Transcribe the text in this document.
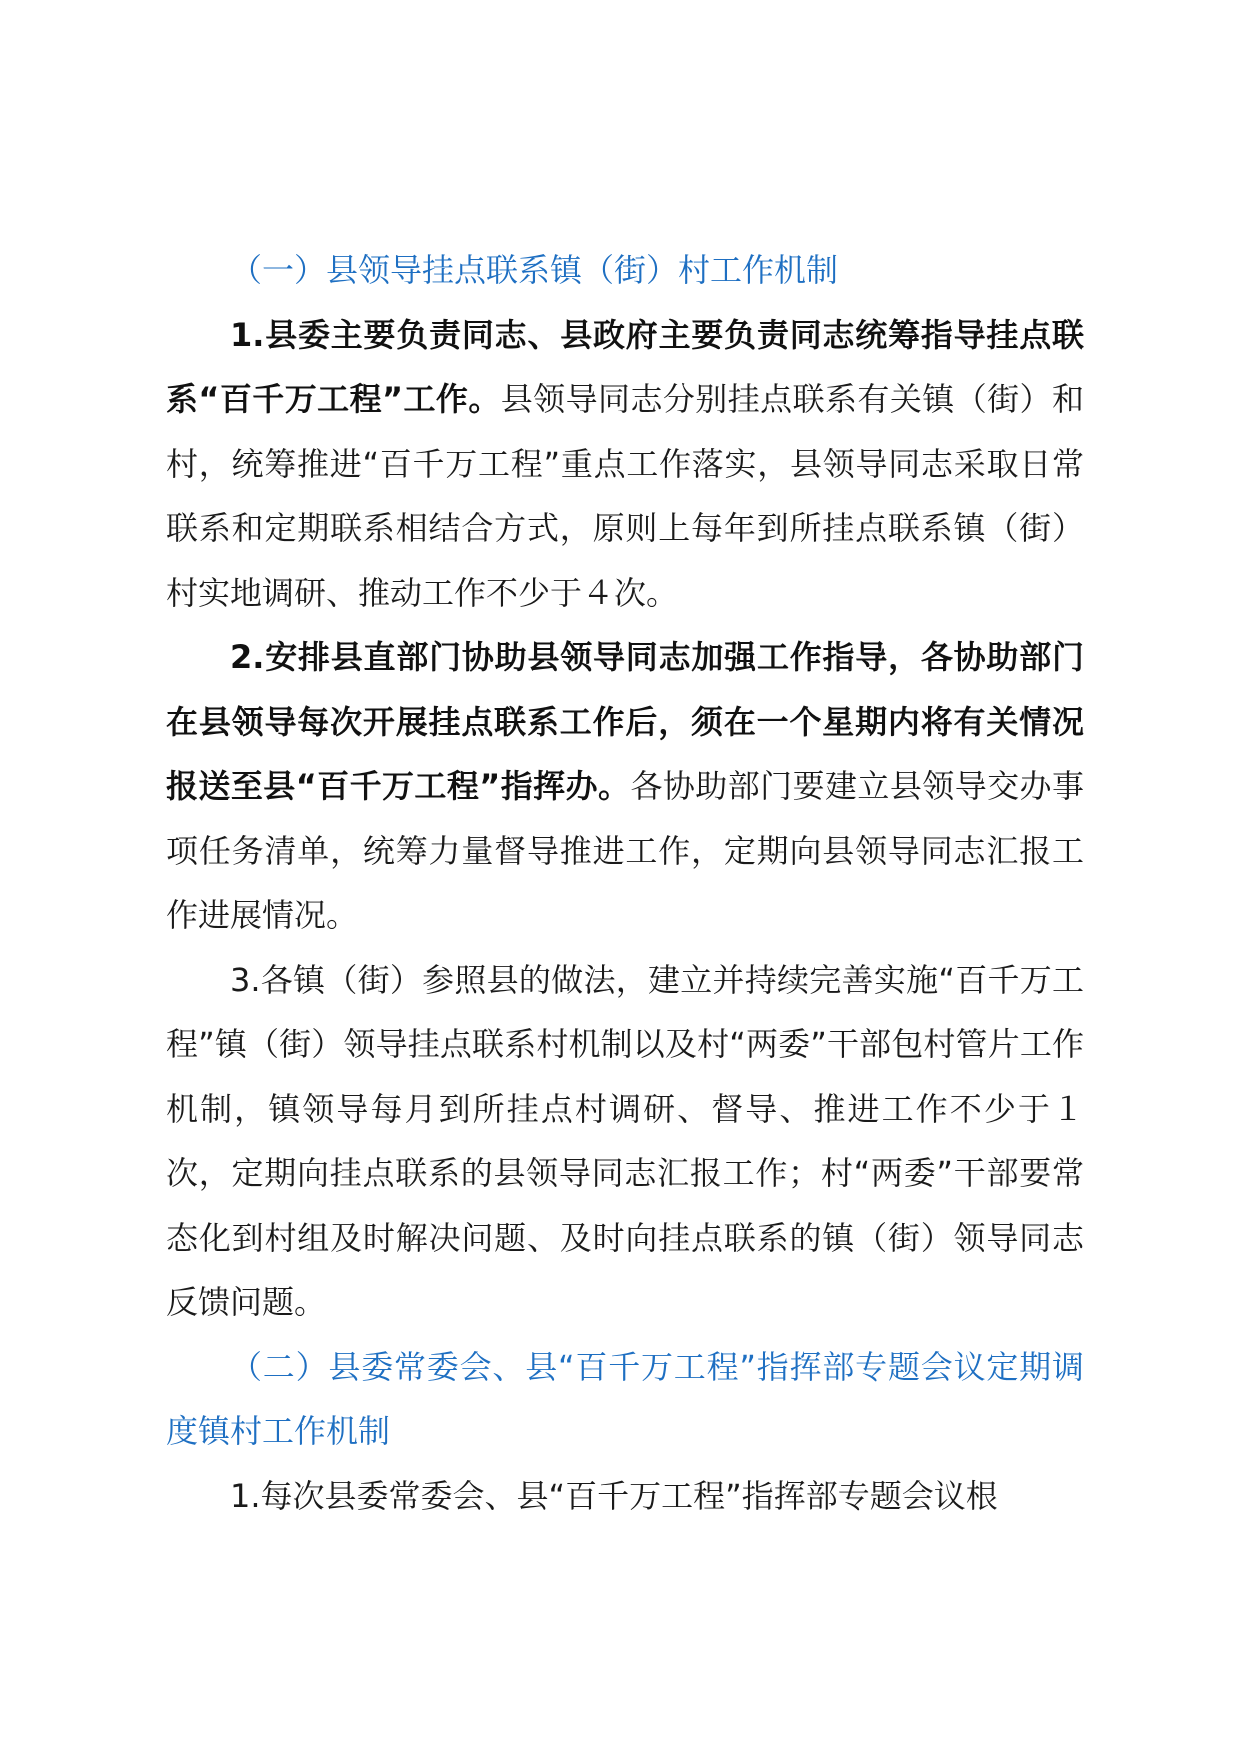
（一）县领导挂点联系镇（街）村工作机制

1.县委主要负责同志、县政府主要负责同志统筹指导挂点联系“百千万工程”工作。县领导同志分别挂点联系有关镇（街）和村，统筹推进“百千万工程”重点工作落实，县领导同志采取日常联系和定期联系相结合方式，原则上每年到所挂点联系镇（街）村实地调研、推动工作不少于４次。

2.安排县直部门协助县领导同志加强工作指导，各协助部门在县领导每次开展挂点联系工作后，须在一个星期内将有关情况报送至县“百千万工程”指挥办。各协助部门要建立县领导交办事项任务清单，统筹力量督导推进工作，定期向县领导同志汇报工作进展情况。

3.各镇（街）参照县的做法，建立并持续完善实施“百千万工程”镇（街）领导挂点联系村机制以及村“两委”干部包村管片工作机制，镇领导每月到所挂点村调研、督导、推进工作不少于１次，定期向挂点联系的县领导同志汇报工作；村“两委”干部要常态化到村组及时解决问题、及时向挂点联系的镇（街）领导同志反馈问题。

（二）县委常委会、县“百千万工程”指挥部专题会议定期调度镇村工作机制

1.每次县委常委会、县“百千万工程”指挥部专题会议根
